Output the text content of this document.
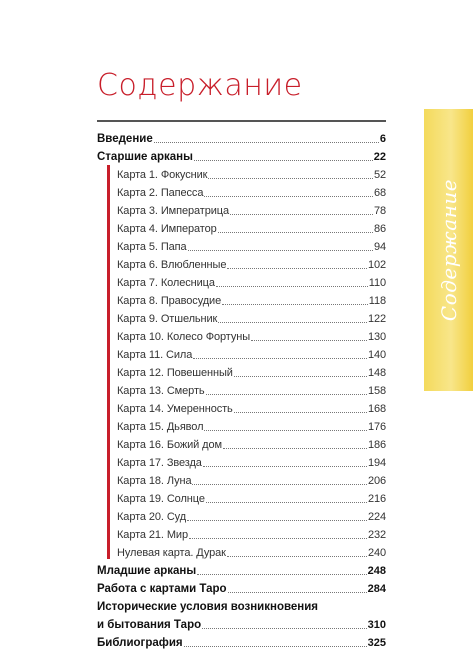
Содержание
Содержание
Введение	6
Старшие арканы	22
Карта 1. Фокусник	52
Карта 2. Папесса	68
Карта 3. Императрица	78
Карта 4. Император	86
Карта 5. Папа	94
Карта 6. Влюбленные	102
Карта 7. Колесница	110
Карта 8. Правосудие	118
Карта 9. Отшельник	122
Карта 10. Колесо Фортуны	130
Карта 11. Сила	140
Карта 12. Повешенный	148
Карта 13. Смерть	158
Карта 14. Умеренность	168
Карта 15. Дьявол	176
Карта 16. Божий дом	186
Карта 17. Звезда	194
Карта 18. Луна	206
Карта 19. Солнце	216
Карта 20. Суд	224
Карта 21. Мир	232
Нулевая карта. Дурак	240
Младшие арканы	248
Работа с картами Таро	284
Исторические условия возникновения
и бытования Таро	310
Библиография	325
